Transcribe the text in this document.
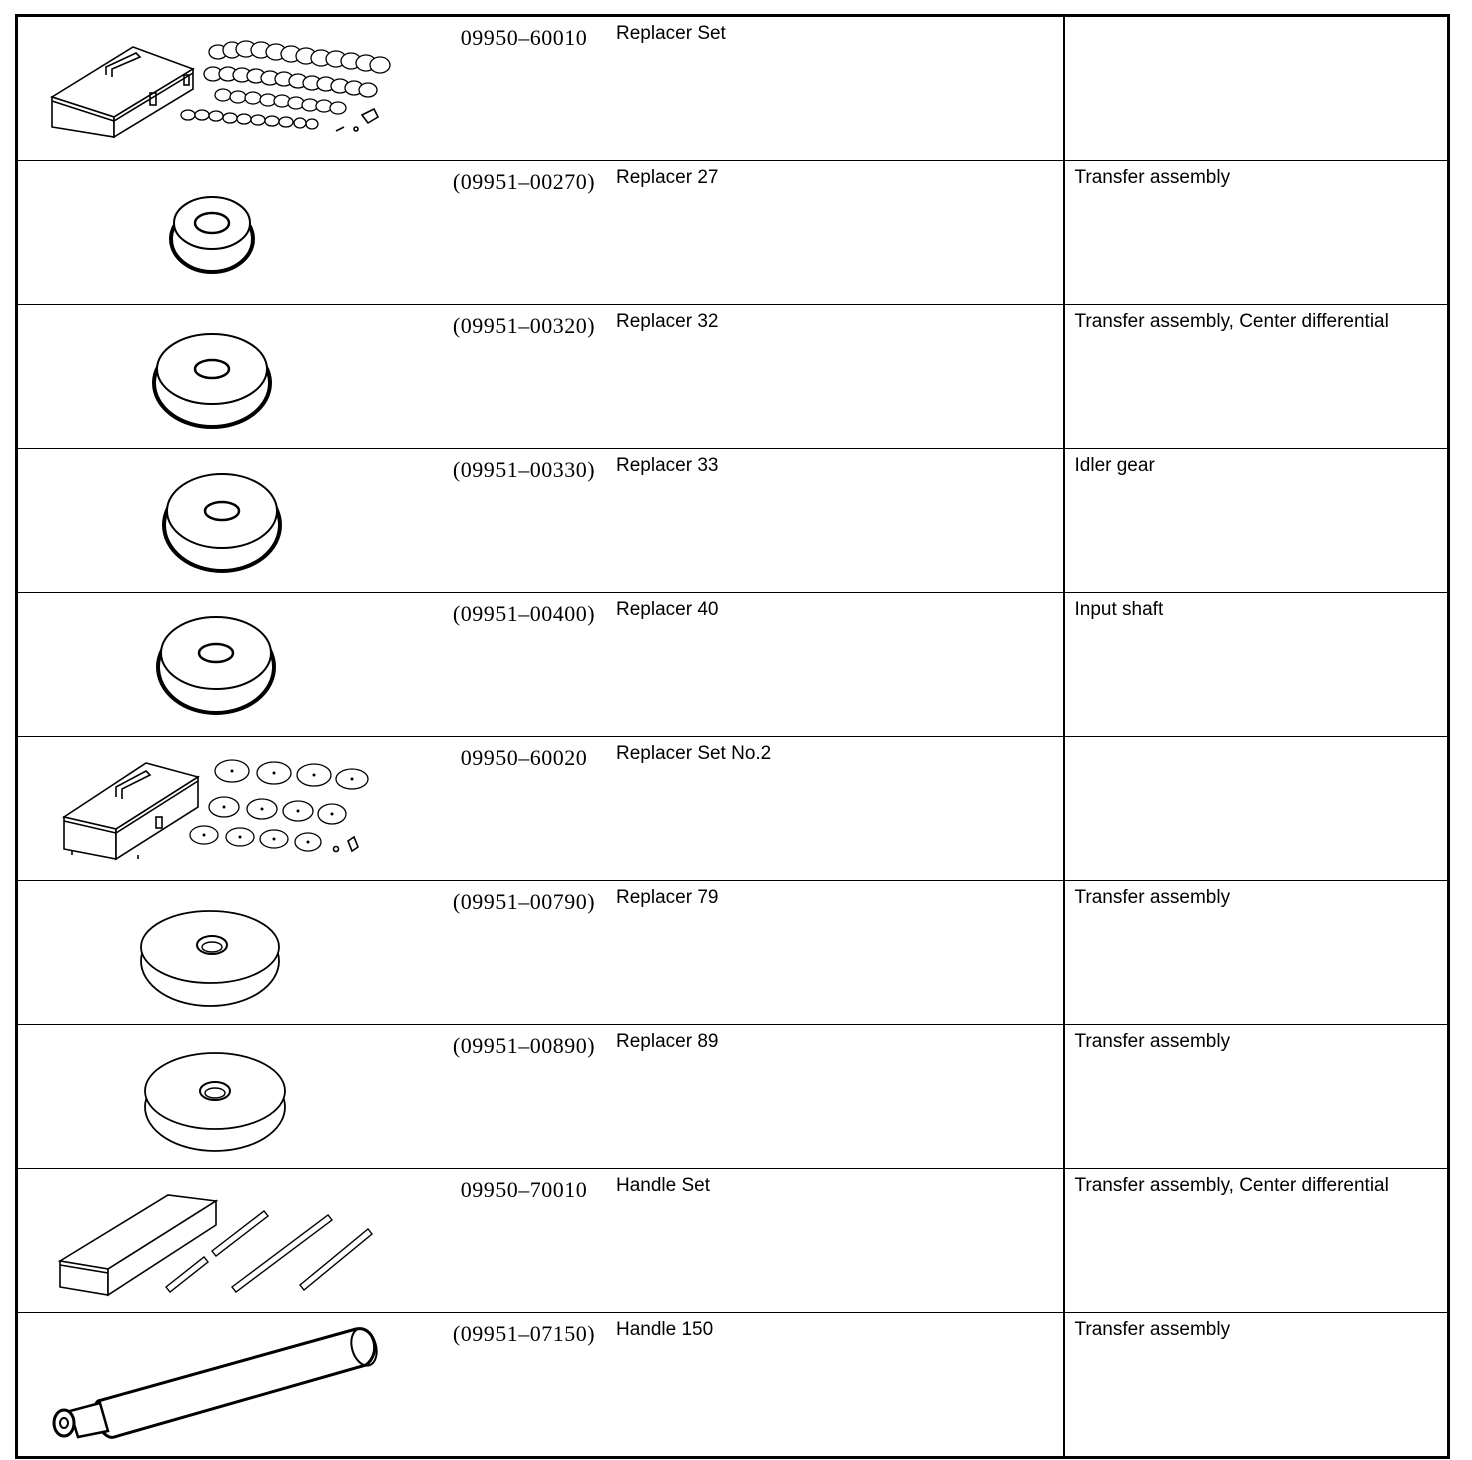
09950–60010 Replacer Set	

(09951–00270) Replacer 27	Transfer assembly

(09951–00320) Replacer 32	Transfer assembly, Center differential

(09951–00330) Replacer 33	Idler gear

(09951–00400) Replacer 40	Input shaft

09950–60020 Replacer Set No.2	

(09951–00790) Replacer 79	Transfer assembly

(09951–00890) Replacer 89	Transfer assembly

09950–70010 Handle Set	Transfer assembly, Center differential

(09951–07150) Handle 150	Transfer assembly
